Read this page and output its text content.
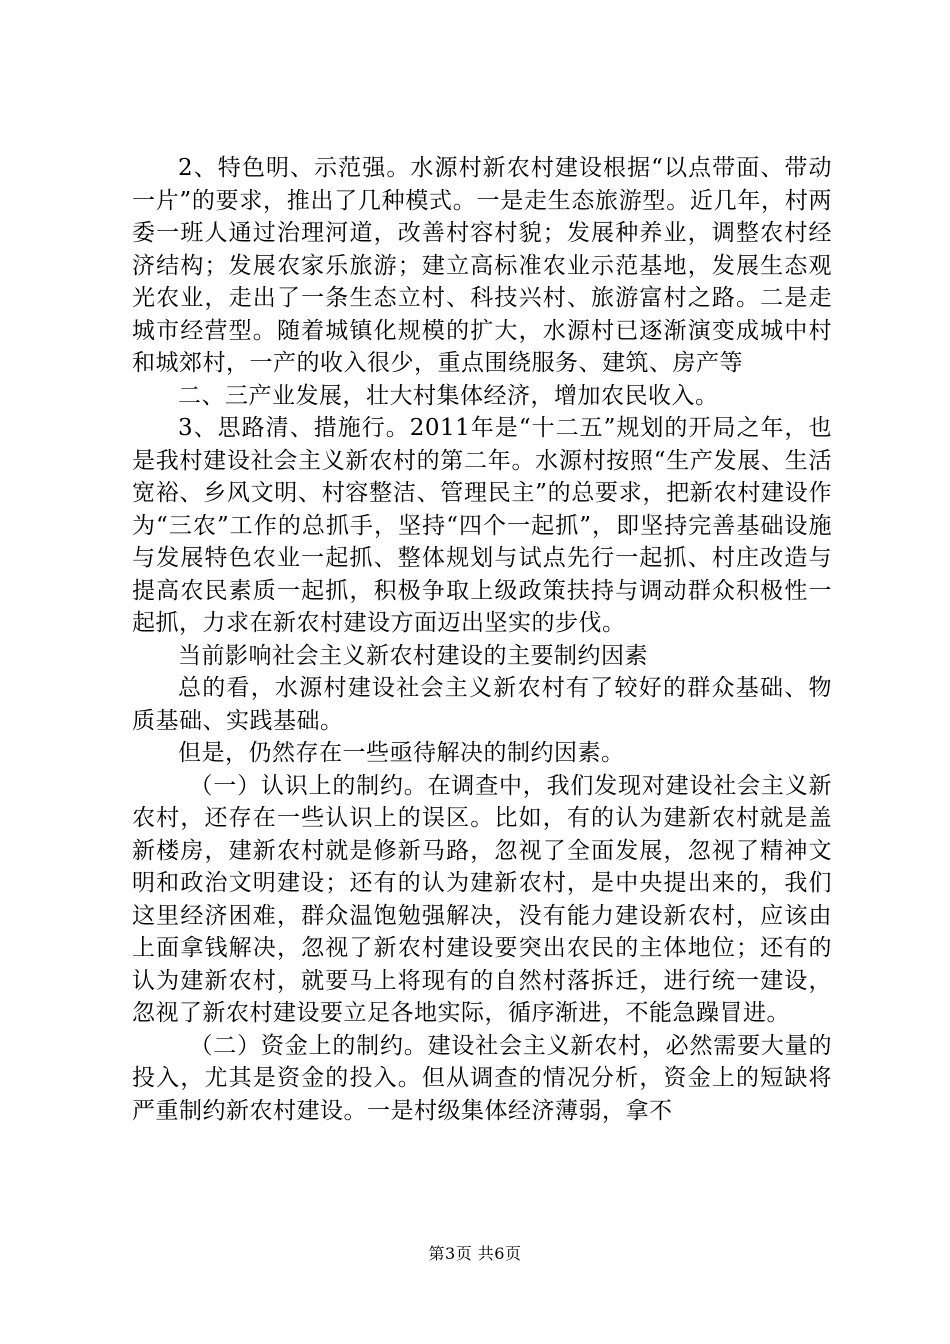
2、特色明、示范强。水源村新农村建设根据“以点带面、带动一片”的要求，推出了几种模式。一是走生态旅游型。近几年，村两委一班人通过治理河道，改善村容村貌；发展种养业，调整农村经济结构；发展农家乐旅游；建立高标准农业示范基地，发展生态观光农业，走出了一条生态立村、科技兴村、旅游富村之路。二是走城市经营型。随着城镇化规模的扩大，水源村已逐渐演变成城中村和城郊村，一产的收入很少，重点围绕服务、建筑、房产等

二、三产业发展，壮大村集体经济，增加农民收入。

3、思路清、措施行。2011年是“十二五”规划的开局之年，也是我村建设社会主义新农村的第二年。水源村按照“生产发展、生活宽裕、乡风文明、村容整洁、管理民主”的总要求，把新农村建设作为“三农”工作的总抓手，坚持“四个一起抓”，即坚持完善基础设施与发展特色农业一起抓、整体规划与试点先行一起抓、村庄改造与提高农民素质一起抓，积极争取上级政策扶持与调动群众积极性一起抓，力求在新农村建设方面迈出坚实的步伐。

当前影响社会主义新农村建设的主要制约因素

总的看，水源村建设社会主义新农村有了较好的群众基础、物质基础、实践基础。

但是，仍然存在一些亟待解决的制约因素。

（一）认识上的制约。在调查中，我们发现对建设社会主义新农村，还存在一些认识上的误区。比如，有的认为建新农村就是盖新楼房，建新农村就是修新马路，忽视了全面发展，忽视了精神文明和政治文明建设；还有的认为建新农村，是中央提出来的，我们这里经济困难，群众温饱勉强解决，没有能力建设新农村，应该由上面拿钱解决，忽视了新农村建设要突出农民的主体地位；还有的认为建新农村，就要马上将现有的自然村落拆迁，进行统一建设，忽视了新农村建设要立足各地实际，循序渐进，不能急躁冒进。

（二）资金上的制约。建设社会主义新农村，必然需要大量的投入，尤其是资金的投入。但从调查的情况分析，资金上的短缺将严重制约新农村建设。一是村级集体经济薄弱，拿不

第3页 共6页
